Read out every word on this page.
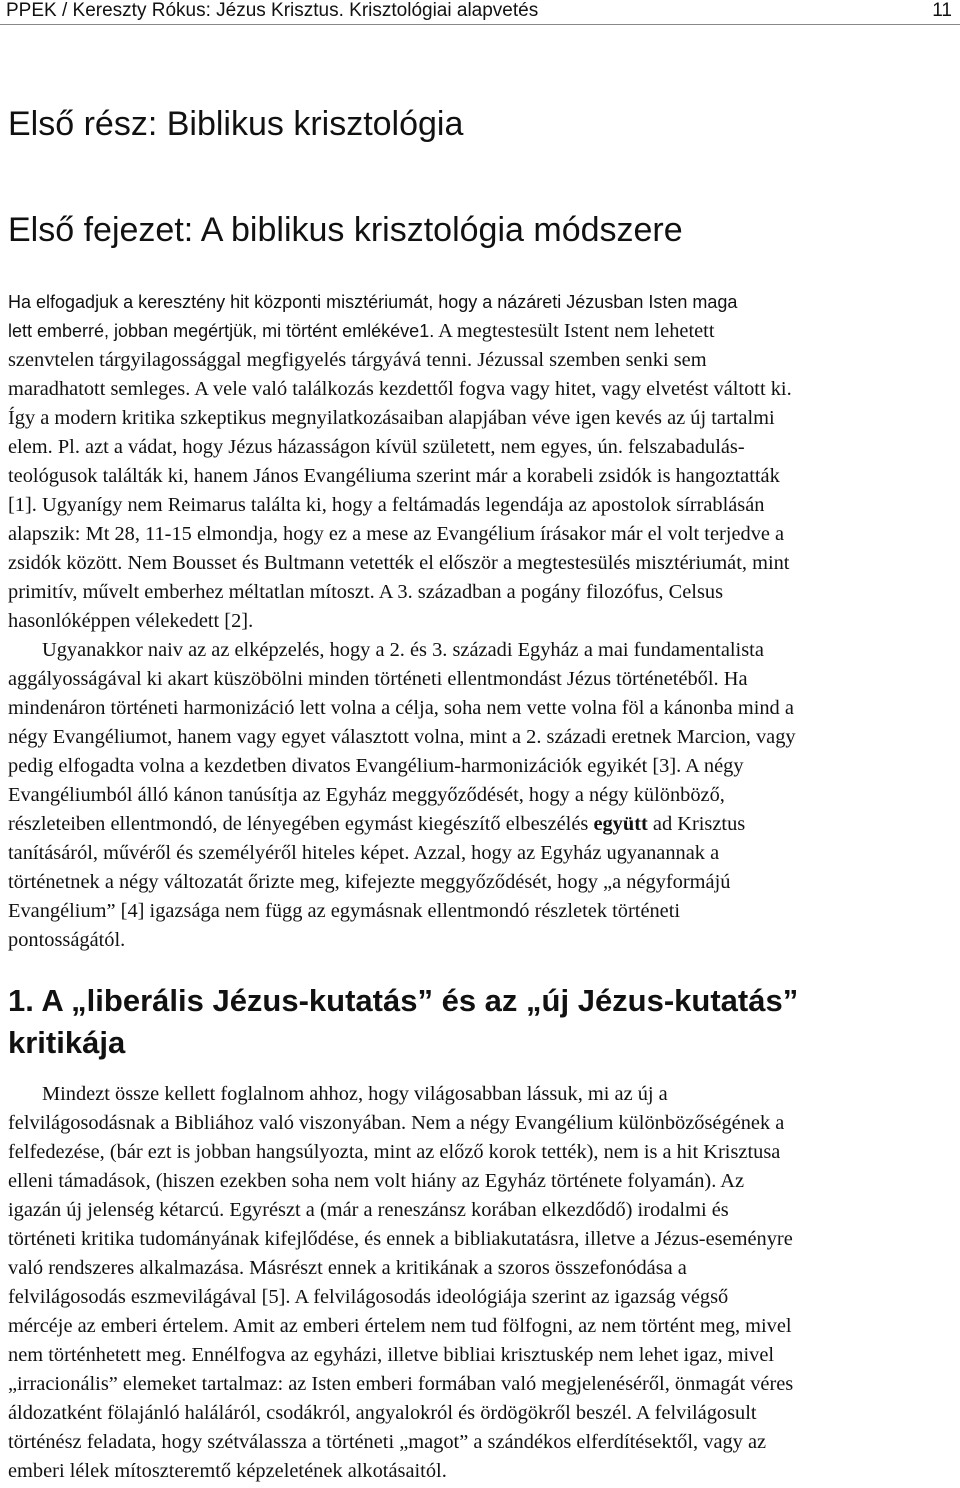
PPEK / Kereszty Rókus: Jézus Krisztus. Krisztológiai alapvetés	11
Első rész: Biblikus krisztológia
Első fejezet: A biblikus krisztológia módszere
Ha elfogadjuk a keresztény hit központi misztériumát, hogy a názáreti Jézusban Isten maga
lett emberré, jobban megértjük, mi történt emlékéve1. A megtestesült Istent nem lehetett
szenvtelen tárgyilagossággal megfigyelés tárgyává tenni. Jézussal szemben senki sem
maradhatott semleges. A vele való találkozás kezdettől fogva vagy hitet, vagy elvetést váltott ki.
Így a modern kritika szkeptikus megnyilatkozásaiban alapjában véve igen kevés az új tartalmi
elem. Pl. azt a vádat, hogy Jézus házasságon kívül született, nem egyes, ún. felszabadulás-
teológusok találták ki, hanem János Evangéliuma szerint már a korabeli zsidók is hangoztatták
[1]. Ugyanígy nem Reimarus találta ki, hogy a feltámadás legendája az apostolok sírrablásán
alapszik: Mt 28, 11-15 elmondja, hogy ez a mese az Evangélium írásakor már el volt terjedve a
zsidók között. Nem Bousset és Bultmann vetették el először a megtestesülés misztériumát, mint
primitív, művelt emberhez méltatlan mítoszt. A 3. században a pogány filozófus, Celsus
hasonlóképpen vélekedett [2].
Ugyanakkor naiv az az elképzelés, hogy a 2. és 3. századi Egyház a mai fundamentalista
aggályosságával ki akart küszöbölni minden történeti ellentmondást Jézus történetéből. Ha
mindenáron történeti harmonizáció lett volna a célja, soha nem vette volna föl a kánonba mind a
négy Evangéliumot, hanem vagy egyet választott volna, mint a 2. századi eretnek Marcion, vagy
pedig elfogadta volna a kezdetben divatos Evangélium-harmonizációk egyikét [3]. A négy
Evangéliumból álló kánon tanúsítja az Egyház meggyőződését, hogy a négy különböző,
részleteiben ellentmondó, de lényegében egymást kiegészítő elbeszélés együtt ad Krisztus
tanításáról, művéről és személyéről hiteles képet. Azzal, hogy az Egyház ugyanannak a
történetnek a négy változatát őrizte meg, kifejezte meggyőződését, hogy „a négyformájú
Evangélium” [4] igazsága nem függ az egymásnak ellentmondó részletek történeti
pontosságától.
1. A „liberális Jézus-kutatás” és az „új Jézus-kutatás”
kritikája
Mindezt össze kellett foglalnom ahhoz, hogy világosabban lássuk, mi az új a
felvilágosodásnak a Bibliához való viszonyában. Nem a négy Evangélium különbözőségének a
felfedezése, (bár ezt is jobban hangsúlyozta, mint az előző korok tették), nem is a hit Krisztusa
elleni támadások, (hiszen ezekben soha nem volt hiány az Egyház története folyamán). Az
igazán új jelenség kétarcú. Egyrészt a (már a reneszánsz korában elkezdődő) irodalmi és
történeti kritika tudományának kifejlődése, és ennek a bibliakutatásra, illetve a Jézus-eseményre
való rendszeres alkalmazása. Másrészt ennek a kritikának a szoros összefonódása a
felvilágosodás eszmevilágával [5]. A felvilágosodás ideológiája szerint az igazság végső
mércéje az emberi értelem. Amit az emberi értelem nem tud fölfogni, az nem történt meg, mivel
nem történhetett meg. Ennélfogva az egyházi, illetve bibliai krisztuskép nem lehet igaz, mivel
„irracionális” elemeket tartalmaz: az Isten emberi formában való megjelenéséről, önmagát véres
áldozatként fölajánló haláláról, csodákról, angyalokról és ördögökről beszél. A felvilágosult
történész feladata, hogy szétválassza a történeti „magot” a szándékos elferdítésektől, vagy az
emberi lélek mítoszteremtő képzeletének alkotásaitól.
